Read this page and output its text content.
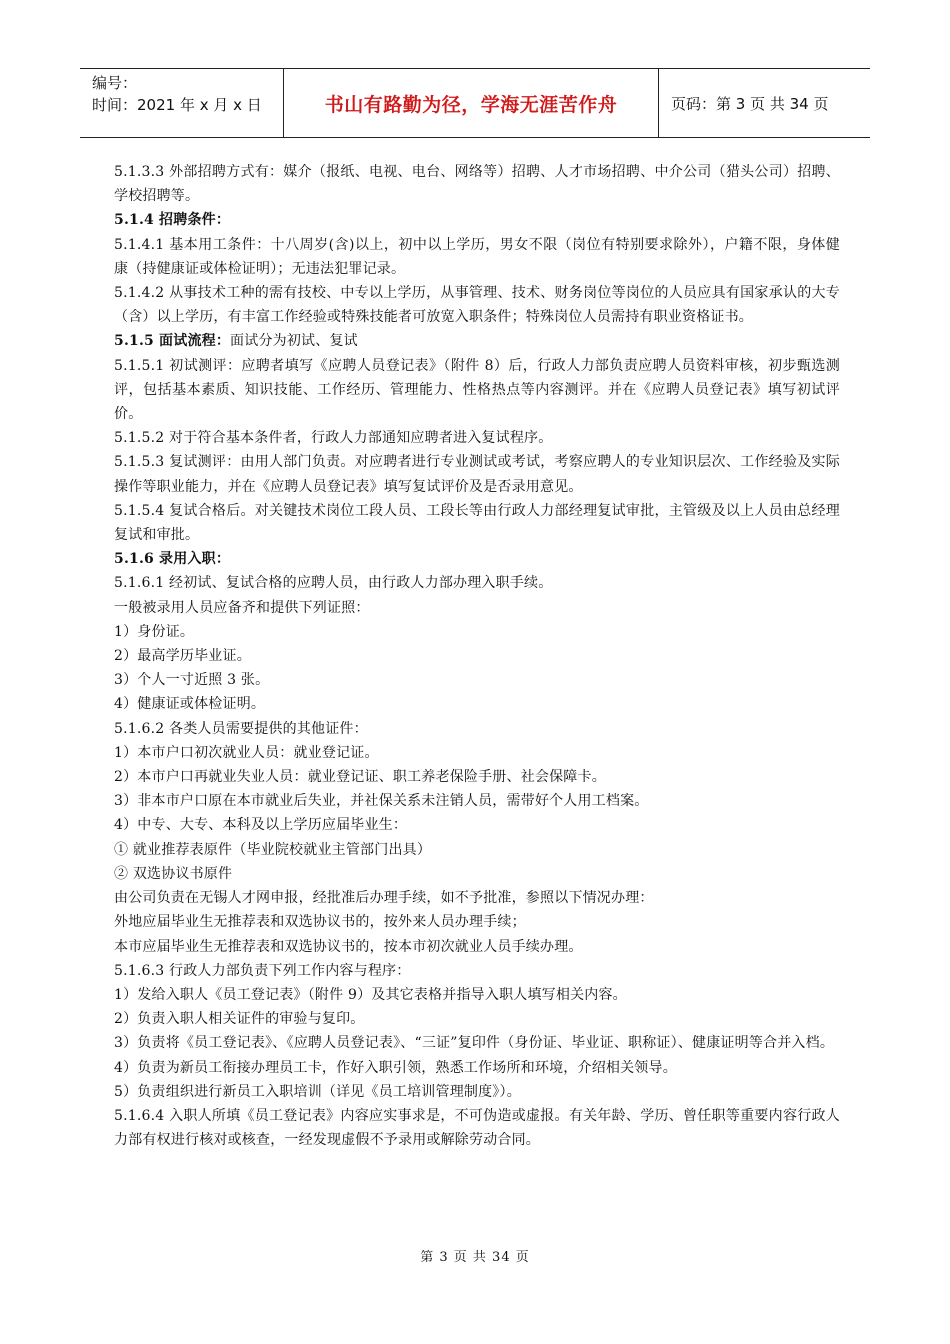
编号：
时间：2021 年 x 月 x 日	书山有路勤为径，学海无涯苦作舟	页码：第 3 页 共 34 页

5.1.3.3 外部招聘方式有：媒介（报纸、电视、电台、网络等）招聘、人才市场招聘、中介公司（猎头公司）招聘、学校招聘等。

5.1.4 招聘条件：

5.1.4.1 基本用工条件：十八周岁(含)以上，初中以上学历，男女不限（岗位有特别要求除外），户籍不限，身体健康（持健康证或体检证明）；无违法犯罪记录。

5.1.4.2 从事技术工种的需有技校、中专以上学历，从事管理、技术、财务岗位等岗位的人员应具有国家承认的大专（含）以上学历，有丰富工作经验或特殊技能者可放宽入职条件；特殊岗位人员需持有职业资格证书。

5.1.5 面试流程：面试分为初试、复试

5.1.5.1 初试测评：应聘者填写《应聘人员登记表》（附件 8）后，行政人力部负责应聘人员资料审核，初步甄选测评，包括基本素质、知识技能、工作经历、管理能力、性格热点等内容测评。并在《应聘人员登记表》填写初试评价。

5.1.5.2 对于符合基本条件者，行政人力部通知应聘者进入复试程序。

5.1.5.3 复试测评：由用人部门负责。对应聘者进行专业测试或考试，考察应聘人的专业知识层次、工作经验及实际操作等职业能力，并在《应聘人员登记表》填写复试评价及是否录用意见。

5.1.5.4 复试合格后。对关键技术岗位工段人员、工段长等由行政人力部经理复试审批，主管级及以上人员由总经理复试和审批。

5.1.6 录用入职：

5.1.6.1 经初试、复试合格的应聘人员，由行政人力部办理入职手续。

一般被录用人员应备齐和提供下列证照：

1）身份证。

2）最高学历毕业证。

3）个人一寸近照 3 张。

4）健康证或体检证明。

5.1.6.2 各类人员需要提供的其他证件：

1）本市户口初次就业人员：就业登记证。

2）本市户口再就业失业人员：就业登记证、职工养老保险手册、社会保障卡。

3）非本市户口原在本市就业后失业，并社保关系未注销人员，需带好个人用工档案。

4）中专、大专、本科及以上学历应届毕业生：

① 就业推荐表原件（毕业院校就业主管部门出具）

② 双选协议书原件

由公司负责在无锡人才网申报，经批准后办理手续，如不予批准，参照以下情况办理：

外地应届毕业生无推荐表和双选协议书的，按外来人员办理手续；

本市应届毕业生无推荐表和双选协议书的，按本市初次就业人员手续办理。

5.1.6.3 行政人力部负责下列工作内容与程序：

1）发给入职人《员工登记表》（附件 9）及其它表格并指导入职人填写相关内容。

2）负责入职人相关证件的审验与复印。

3）负责将《员工登记表》、《应聘人员登记表》、“三证”复印件（身份证、毕业证、职称证）、健康证明等合并入档。

4）负责为新员工衔接办理员工卡，作好入职引领，熟悉工作场所和环境，介绍相关领导。

5）负责组织进行新员工入职培训（详见《员工培训管理制度》）。

5.1.6.4 入职人所填《员工登记表》内容应实事求是，不可伪造或虚报。有关年龄、学历、曾任职等重要内容行政人力部有权进行核对或核查，一经发现虚假不予录用或解除劳动合同。

第 3 页 共 34 页
